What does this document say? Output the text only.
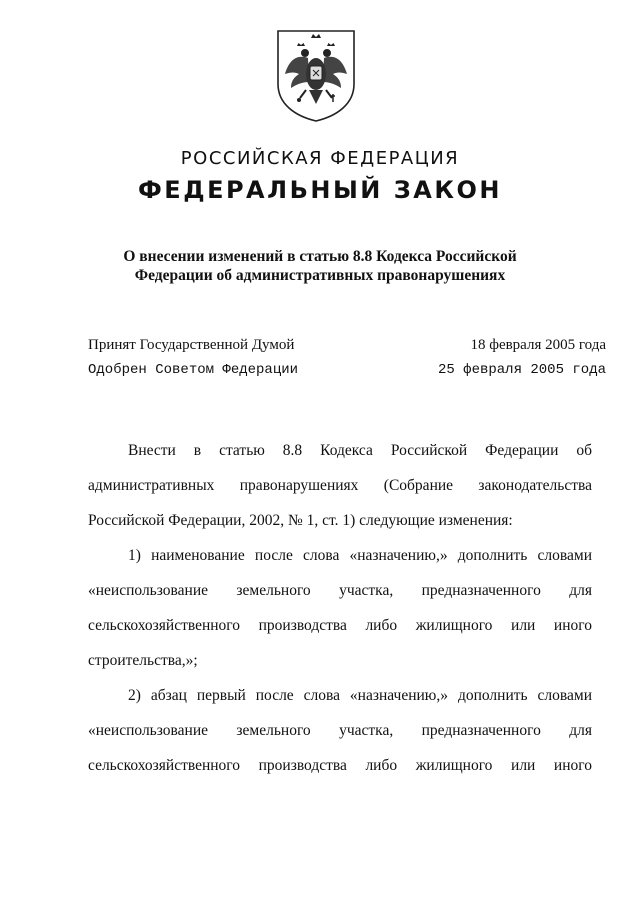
РОССИЙСКАЯ ФЕДЕРАЦИЯ
ФЕДЕРАЛЬНЫЙ ЗАКОН
О внесении изменений в статью 8.8 Кодекса Российской
Федерации об административных правонарушениях
Принят Государственной Думой	18 февраля 2005 года
Одобрен Советом Федерации	25 февраля 2005 года
Внести в статью 8.8 Кодекса Российской Федерации об
административных правонарушениях (Собрание законодательства
Российской Федерации, 2002, № 1, ст. 1) следующие изменения:
1) наименование после слова «назначению,» дополнить словами
«неиспользование земельного участка, предназначенного для
сельскохозяйственного производства либо жилищного или иного
строительства,»;
2) абзац первый после слова «назначению,» дополнить словами
«неиспользование земельного участка, предназначенного для
сельскохозяйственного производства либо жилищного или иного
